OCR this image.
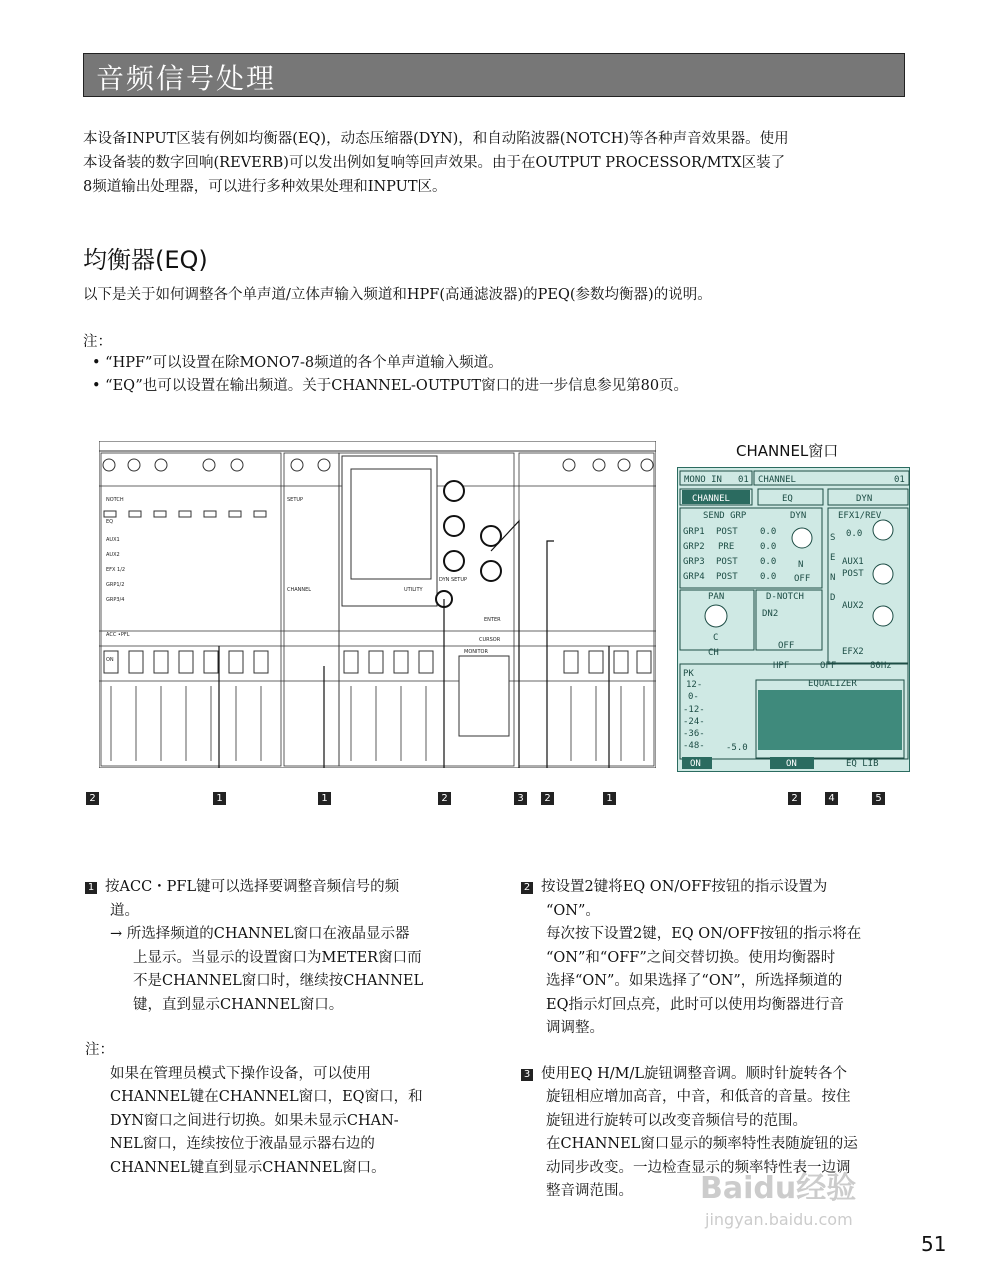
音频信号处理
本设备INPUT区装有例如均衡器(EQ)，动态压缩器(DYN)，和自动陷波器(NOTCH)等各种声音效果器。使用
本设备装的数字回响(REVERB)可以发出例如复响等回声效果。由于在OUTPUT PROCESSOR/MTX区装了
8频道输出处理器，可以进行多种效果处理和INPUT区。
均衡器(EQ)
以下是关于如何调整各个单声道/立体声输入频道和HPF(高通滤波器)的PEQ(参数均衡器)的说明。
注：
• “HPF”可以设置在除MONO7-8频道的各个单声道输入频道。
• “EQ”也可以设置在输出频道。关于CHANNEL-OUTPUT窗口的进一步信息参见第80页。
CHANNEL窗口
NOTCH
EQ
AUX1
AUX2
EFX 1/2
GRP1/2
GRP3/4
ACC •PFL
ON
SETUP
CHANNEL	UTILITY
DYN SETUP
MONITOR
CURSOR
ENTER
MONO IN 01 CHANNEL	01
CHANNEL	EQ	DYN
SEND GRP	DYN	EFX1/REV
GRP1 POST 0.0
GRP2 PRE	0.0
GRP3 POST 0.0
GRP4 POST 0.0
N
OFF
S
E
N
D
0.0
AUX1
POST
AUX2
EFX2
PAN
C
CH
D-NOTCH
DN2
OFF
HPF	OFF	80Hz
EQUALIZER
PK
12-
0-
-12-
-24-
-36-
-48- -5.0
ON	ON	EQ LIB
2	1	1	2	3	2	1	2	4	5
1 按ACC・PFL键可以选择要调整音频信号的频
道。
→ 所选择频道的CHANNEL窗口在液晶显示器
上显示。当显示的设置窗口为METER窗口而
不是CHANNEL窗口时，继续按CHANNEL
键，直到显示CHANNEL窗口。
注：
如果在管理员模式下操作设备，可以使用
CHANNEL键在CHANNEL窗口，EQ窗口，和
DYN窗口之间进行切换。如果未显示CHAN-
NEL窗口，连续按位于液晶显示器右边的
CHANNEL键直到显示CHANNEL窗口。
2 按设置2键将EQ ON/OFF按钮的指示设置为
“ON”。
每次按下设置2键，EQ ON/OFF按钮的指示将在
“ON”和“OFF”之间交替切换。使用均衡器时
选择“ON”。如果选择了“ON”，所选择频道的
EQ指示灯回点亮，此时可以使用均衡器进行音
调调整。
3 使用EQ H/M/L旋钮调整音调。顺时针旋转各个
旋钮相应增加高音，中音，和低音的音量。按住
旋钮进行旋转可以改变音频信号的范围。
在CHANNEL窗口显示的频率特性表随旋钮的运
动同步改变。一边检查显示的频率特性表一边调
整音调范围。	Baidu经验
jingyan.baidu.com
51
